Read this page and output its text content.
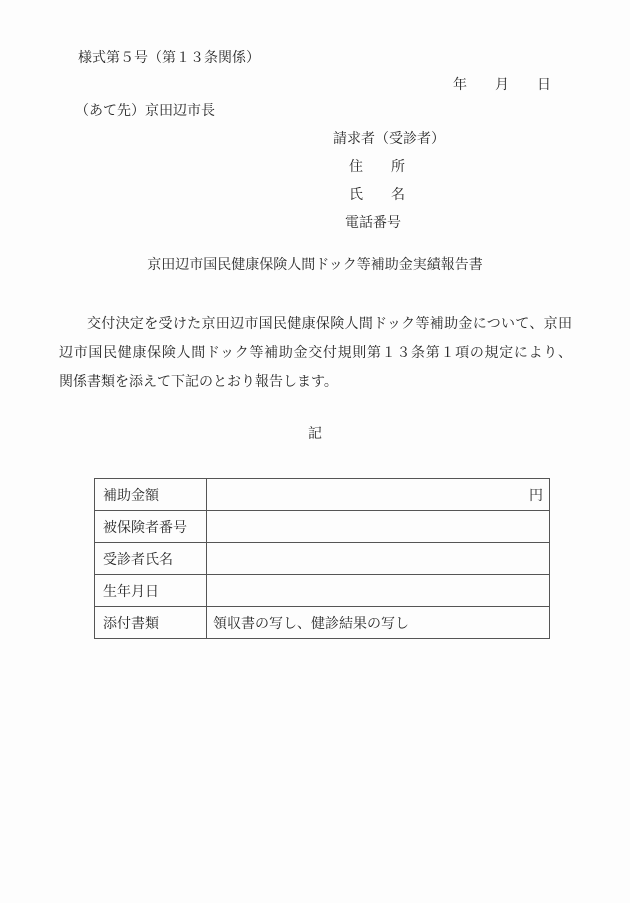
様式第５号（第１３条関係）
年　　月　　日
（あて先）京田辺市長
請求者（受診者）
住　　所
氏　　名
電話番号
京田辺市国民健康保険人間ドック等補助金実績報告書
交付決定を受けた京田辺市国民健康保険人間ドック等補助金について、京田
辺市国民健康保険人間ドック等補助金交付規則第１３条第１項の規定により、
関係書類を添えて下記のとおり報告します。
記
補助金額	円
被保険者番号	
受診者氏名	
生年月日	
添付書類	領収書の写し、健診結果の写し
